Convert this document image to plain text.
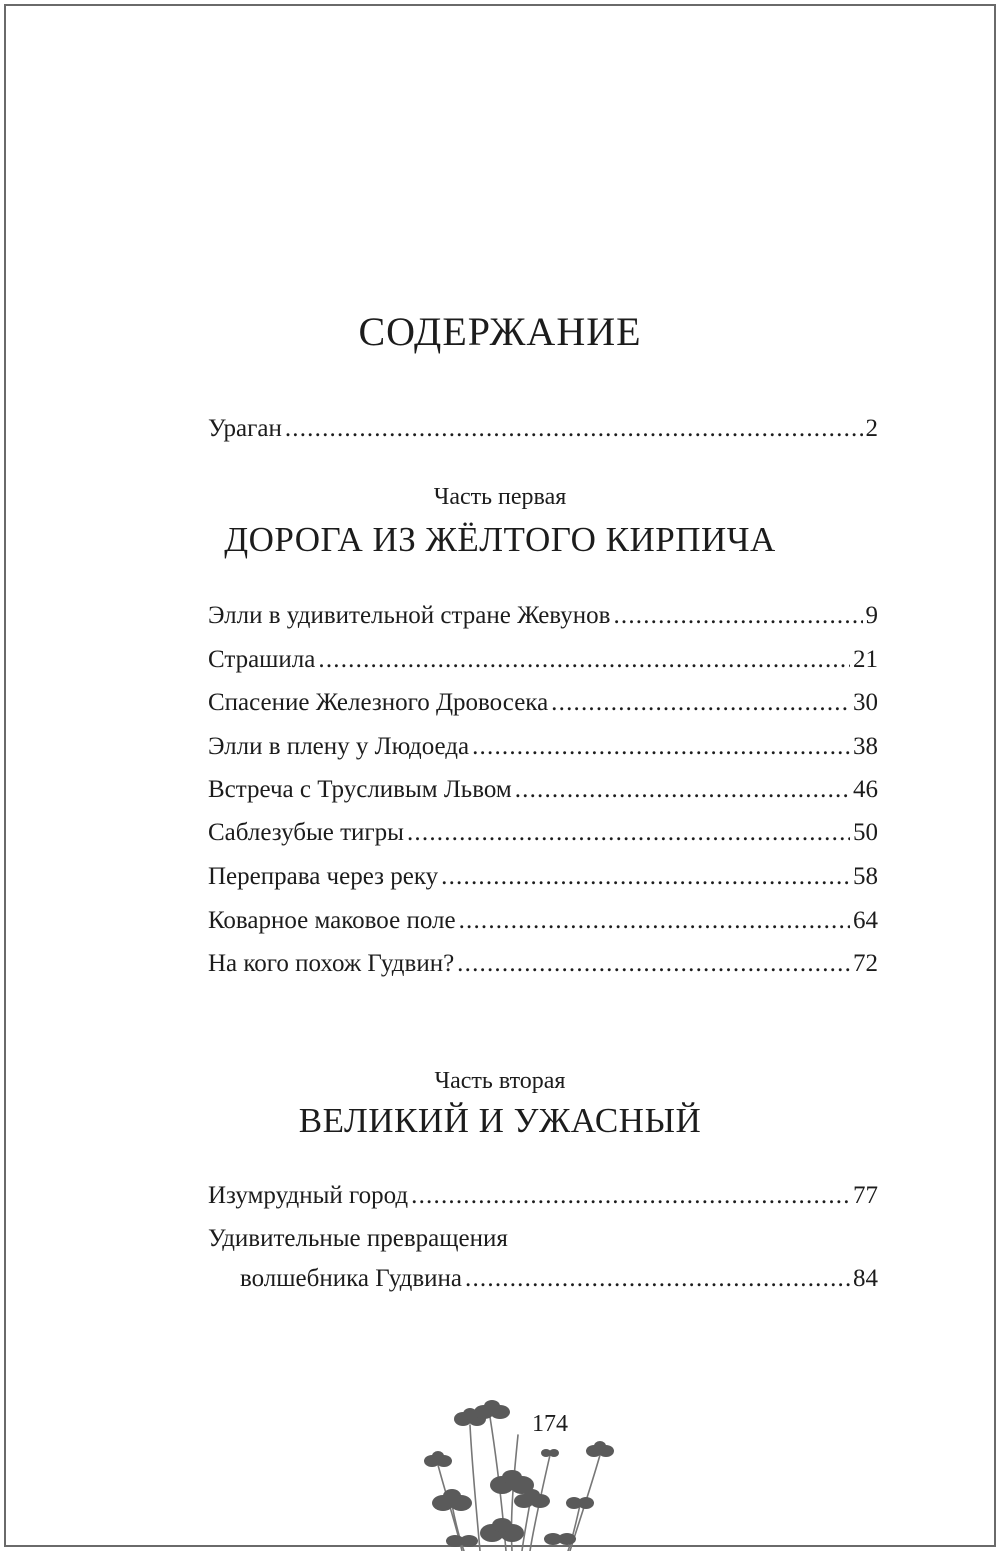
СОДЕРЖАНИЕ
Ураган .....	2
Часть первая
ДОРОГА ИЗ ЖЁЛТОГО КИРПИЧА
Элли в удивительной стране Жевунов .....	9
Страшила .....	21
Спасение Железного Дровосека .....	30
Элли в плену у Людоеда .....	38
Встреча с Трусливым Львом .....	46
Саблезубые тигры .....	50
Переправа через реку .....	58
Коварное маковое поле .....	64
На кого похож Гудвин? .....	72
Часть вторая
ВЕЛИКИЙ И УЖАСНЫЙ
Изумрудный город .....	77
Удивительные превращения
волшебника Гудвина .....	84
174
